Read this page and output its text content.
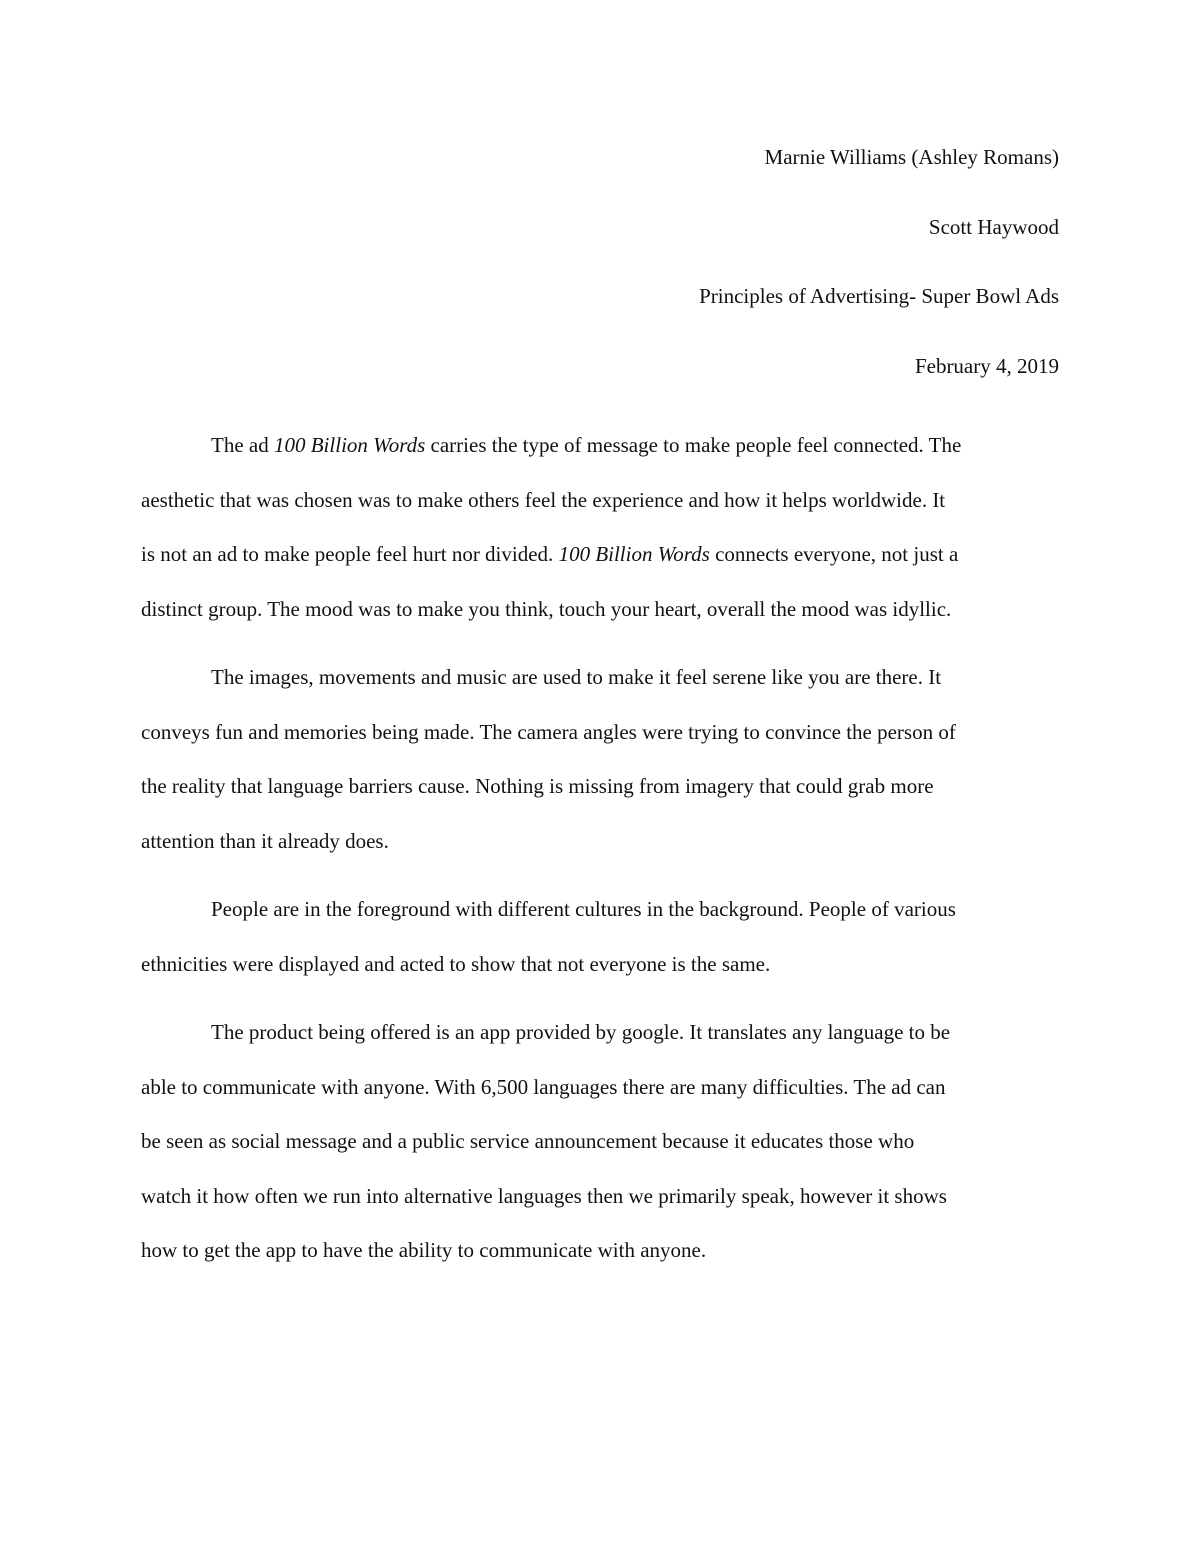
Marnie Williams (Ashley Romans)
Scott Haywood
Principles of Advertising- Super Bowl Ads
February 4, 2019
The ad 100 Billion Words carries the type of message to make people feel connected. The
aesthetic that was chosen was to make others feel the experience and how it helps worldwide. It
is not an ad to make people feel hurt nor divided. 100 Billion Words connects everyone, not just a
distinct group. The mood was to make you think, touch your heart, overall the mood was idyllic.
The images, movements and music are used to make it feel serene like you are there. It
conveys fun and memories being made. The camera angles were trying to convince the person of
the reality that language barriers cause. Nothing is missing from imagery that could grab more
attention than it already does.
People are in the foreground with different cultures in the background. People of various
ethnicities were displayed and acted to show that not everyone is the same.
The product being offered is an app provided by google. It translates any language to be
able to communicate with anyone. With 6,500 languages there are many difficulties. The ad can
be seen as social message and a public service announcement because it educates those who
watch it how often we run into alternative languages then we primarily speak, however it shows
how to get the app to have the ability to communicate with anyone.
